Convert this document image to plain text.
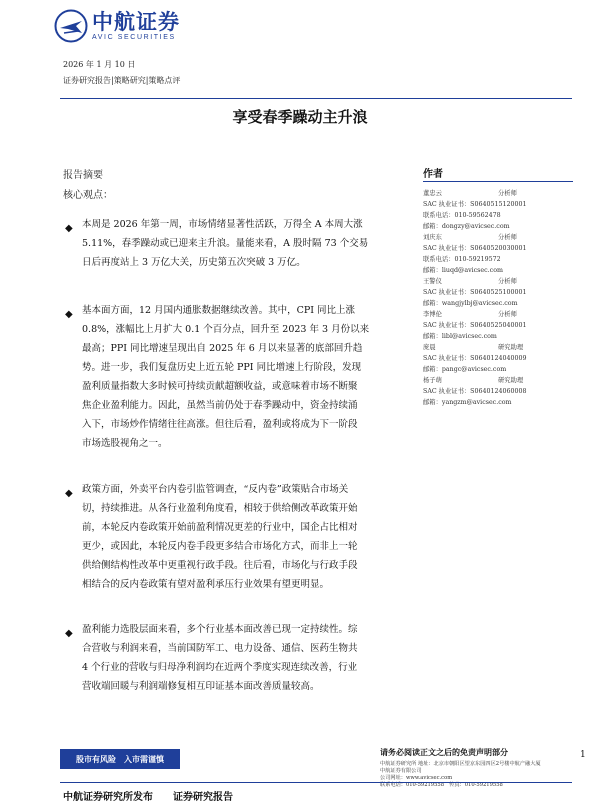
中航证券
AVIC SECURITIES
2026 年 1 月 10 日
证券研究报告|策略研究|策略点评
享受春季躁动主升浪
报告摘要
核心观点：
◆ 本周是 2026 年第一周，市场情绪显著性活跃，万得全 A 本周大涨
5.11%，春季躁动或已迎来主升浪。量能来看，A 股时隔 73 个交易
日后再度站上 3 万亿大关，历史第五次突破 3 万亿。
◆ 基本面方面，12 月国内通胀数据继续改善。其中，CPI 同比上涨
0.8%，涨幅比上月扩大 0.1 个百分点，回升至 2023 年 3 月份以来
最高；PPI 同比增速呈现出自 2025 年 6 月以来显著的底部回升趋
势。进一步，我们复盘历史上近五轮 PPI 同比增速上行阶段，发现
盈利质量指数大多时候可持续贡献超额收益，或意味着市场不断聚
焦企业盈利能力。因此，虽然当前仍处于春季躁动中，资金持续涌
入下，市场炒作情绪往往高涨。但往后看，盈利或将成为下一阶段
市场选股视角之一。
◆ 政策方面，外卖平台内卷引监管调查，“反内卷”政策贴合市场关
切，持续推进。从各行业盈利角度看，相较于供给侧改革政策开始
前，本轮反内卷政策开始前盈利情况更差的行业中，国企占比相对
更少，或因此，本轮反内卷手段更多结合市场化方式，而非上一轮
供给侧结构性改革中更重视行政手段。往后看，市场化与行政手段
相结合的反内卷政策有望对盈利承压行业效果有望更明显。
◆ 盈利能力选股层面来看，多个行业基本面改善已现一定持续性。综
合营收与利润来看，当前国防军工、电力设备、通信、医药生物共
4 个行业的营收与归母净利润均在近两个季度实现连续改善，行业
营收端回暖与利润端修复相互印证基本面改善质量较高。
作者
董忠云	分析师
SAC 执业证书：S0640515120001
联系电话：010-59562478
邮箱：dongzy@avicsec.com
刘庆东	分析师
SAC 执业证书：S0640520030001
联系电话：010-59219572
邮箱：liuqd@avicsec.com
王警仪	分析师
SAC 执业证书：S0640525100001
邮箱：wangjylbj@avicsec.com
李博伦	分析师
SAC 执业证书：S0640525040001
邮箱：libl@avicsec.com
庞晨	研究助理
SAC 执业证书：S0640124040009
邮箱：pangc@avicsec.com
杨子萌	研究助理
SAC 执业证书：S0640124060008
邮箱：yangzm@avicsec.com
股市有风险　入市需谨慎
请务必阅读正文之后的免责声明部分	1
中航证券研究所 地址：北京市朝阳区望京东园四区2号楼中航产融大厦
中航证券有限公司
公司网址：www.avicsec.com
联系电话：010-59219558　传真：010-59219558
中航证券研究所发布　　证券研究报告
